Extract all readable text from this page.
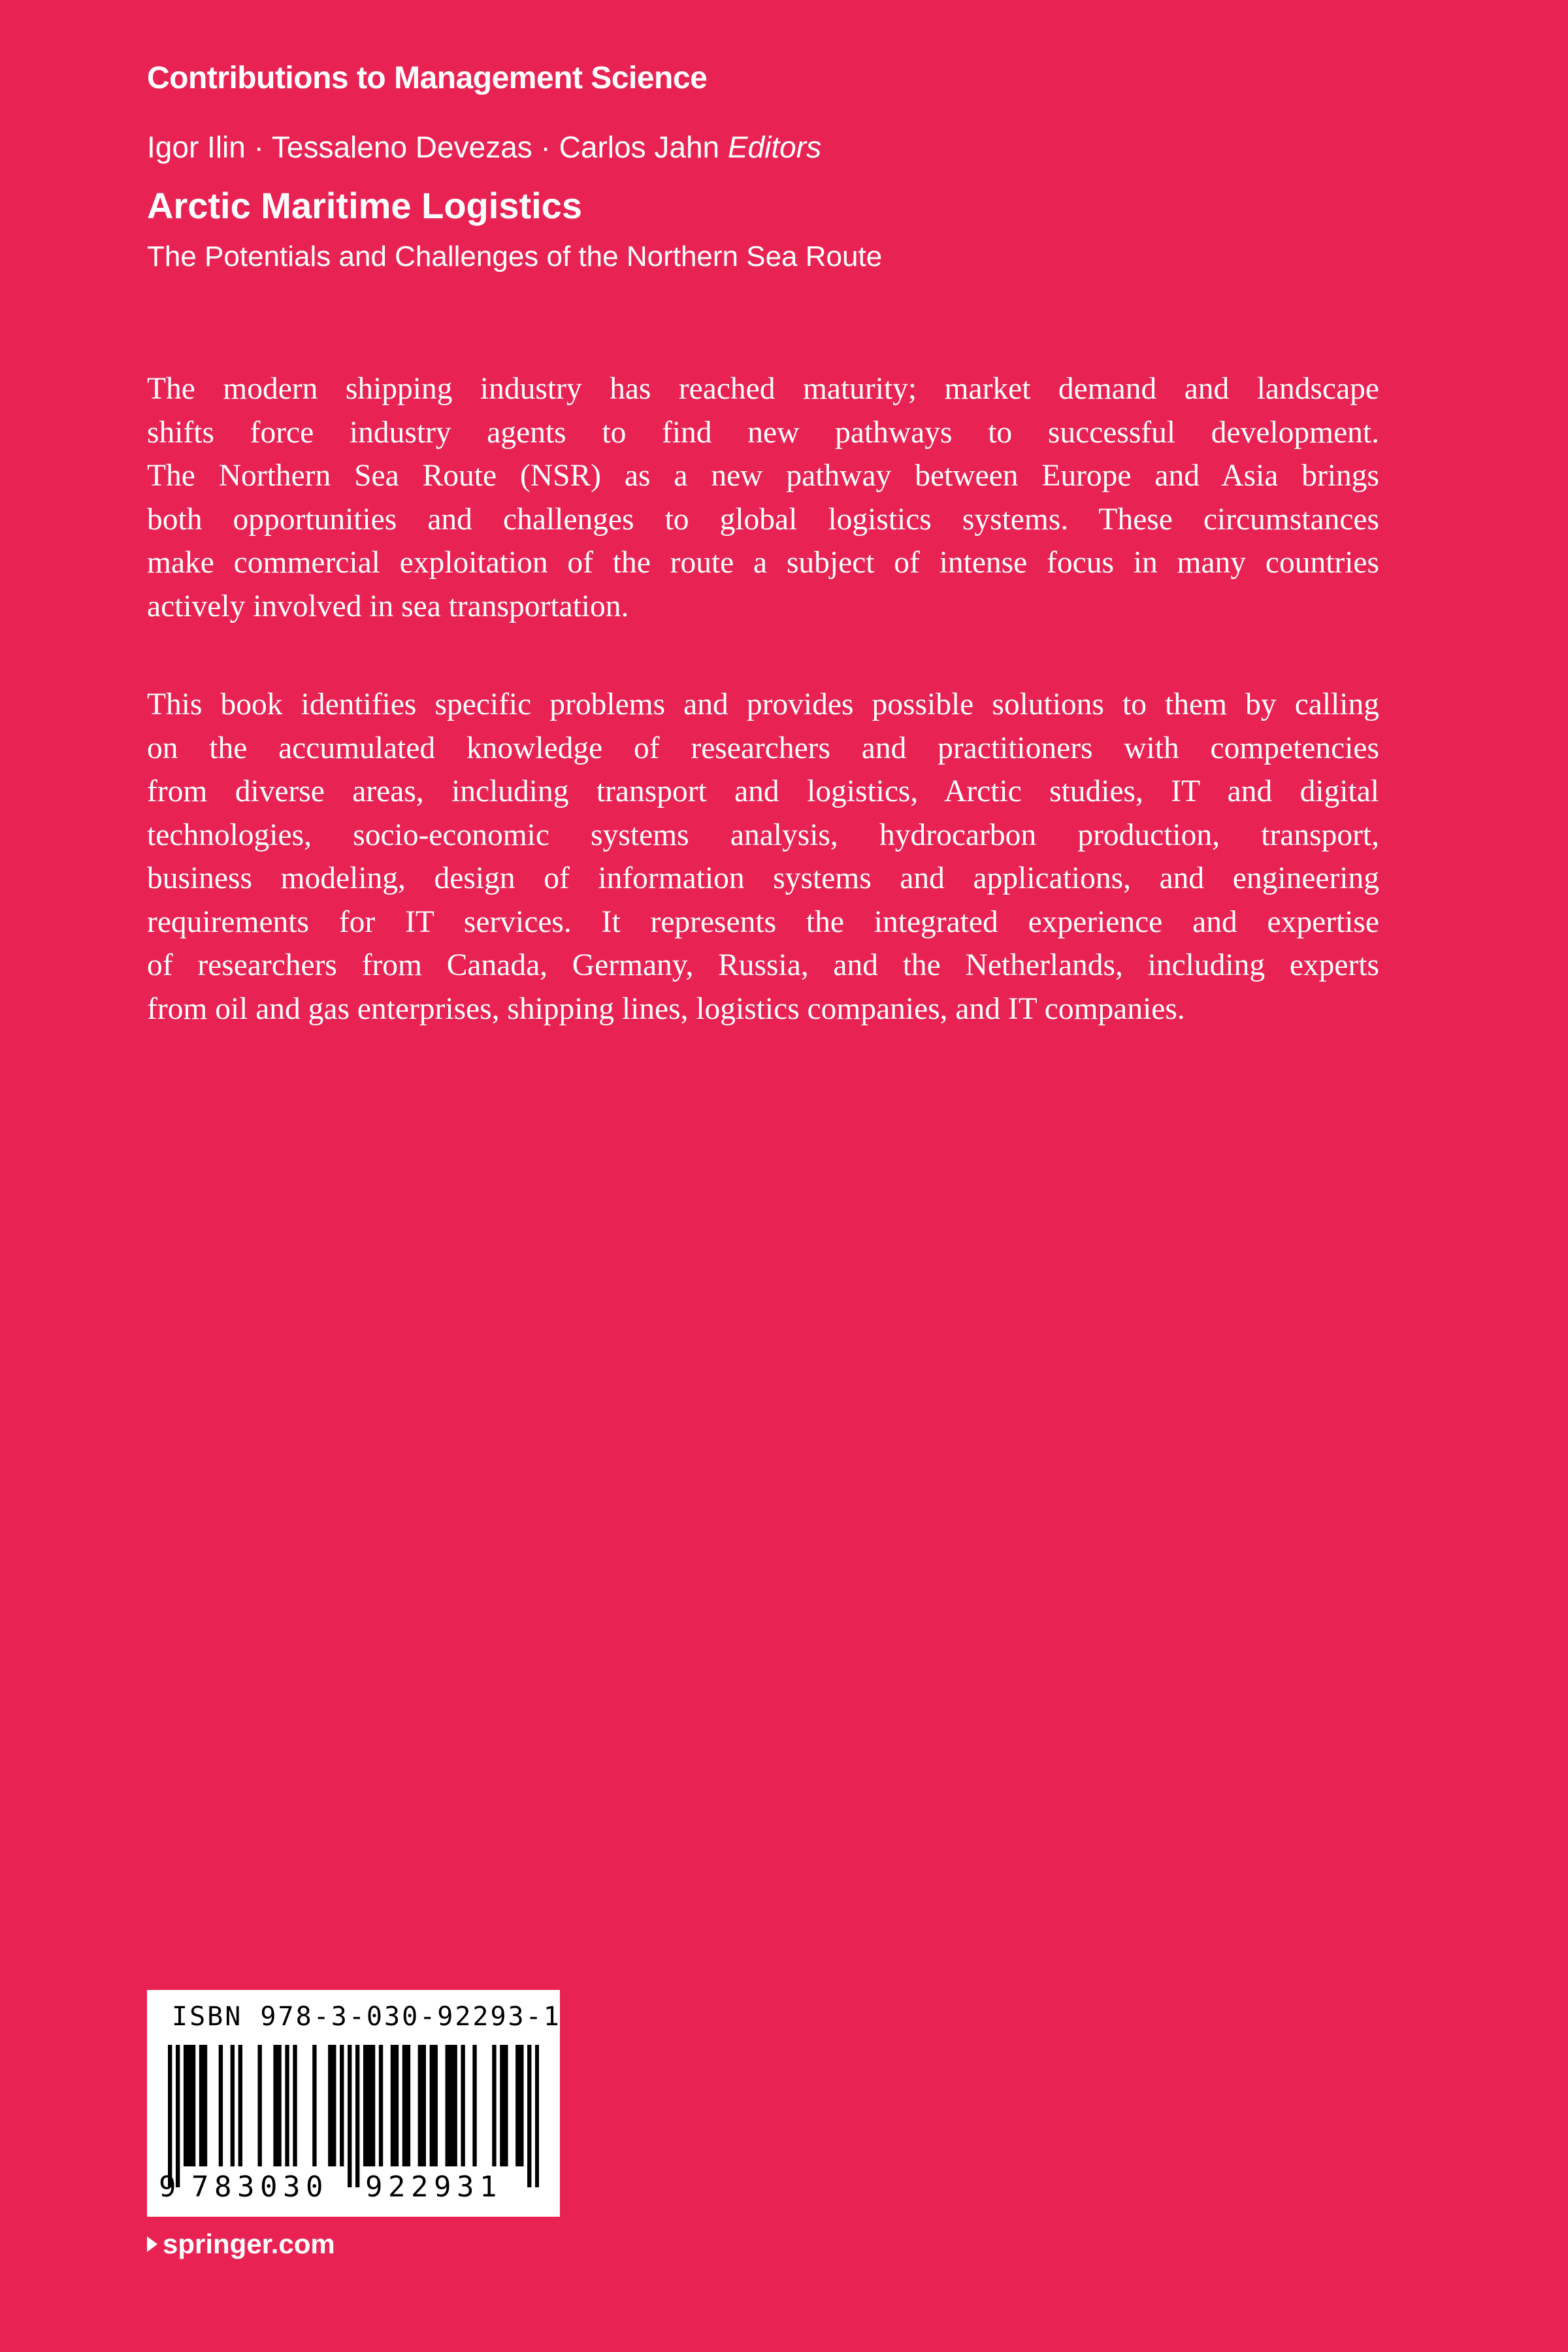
Contributions to Management Science
Igor Ilin · Tessaleno Devezas · Carlos Jahn Editors
Arctic Maritime Logistics
The Potentials and Challenges of the Northern Sea Route
The modern shipping industry has reached maturity; market demand and landscape
shifts force industry agents to find new pathways to successful development.
The Northern Sea Route (NSR) as a new pathway between Europe and Asia brings
both opportunities and challenges to global logistics systems. These circumstances
make commercial exploitation of the route a subject of intense focus in many countries
actively involved in sea transportation.
This book identifies specific problems and provides possible solutions to them by calling
on the accumulated knowledge of researchers and practitioners with competencies
from diverse areas, including transport and logistics, Arctic studies, IT and digital
technologies, socio-economic systems analysis, hydrocarbon production, transport,
business modeling, design of information systems and applications, and engineering
requirements for IT services. It represents the integrated experience and expertise
of researchers from Canada, Germany, Russia, and the Netherlands, including experts
from oil and gas enterprises, shipping lines, logistics companies, and IT companies.
ISBN 978-3-030-92293-1
9 783030 922931
springer.com
